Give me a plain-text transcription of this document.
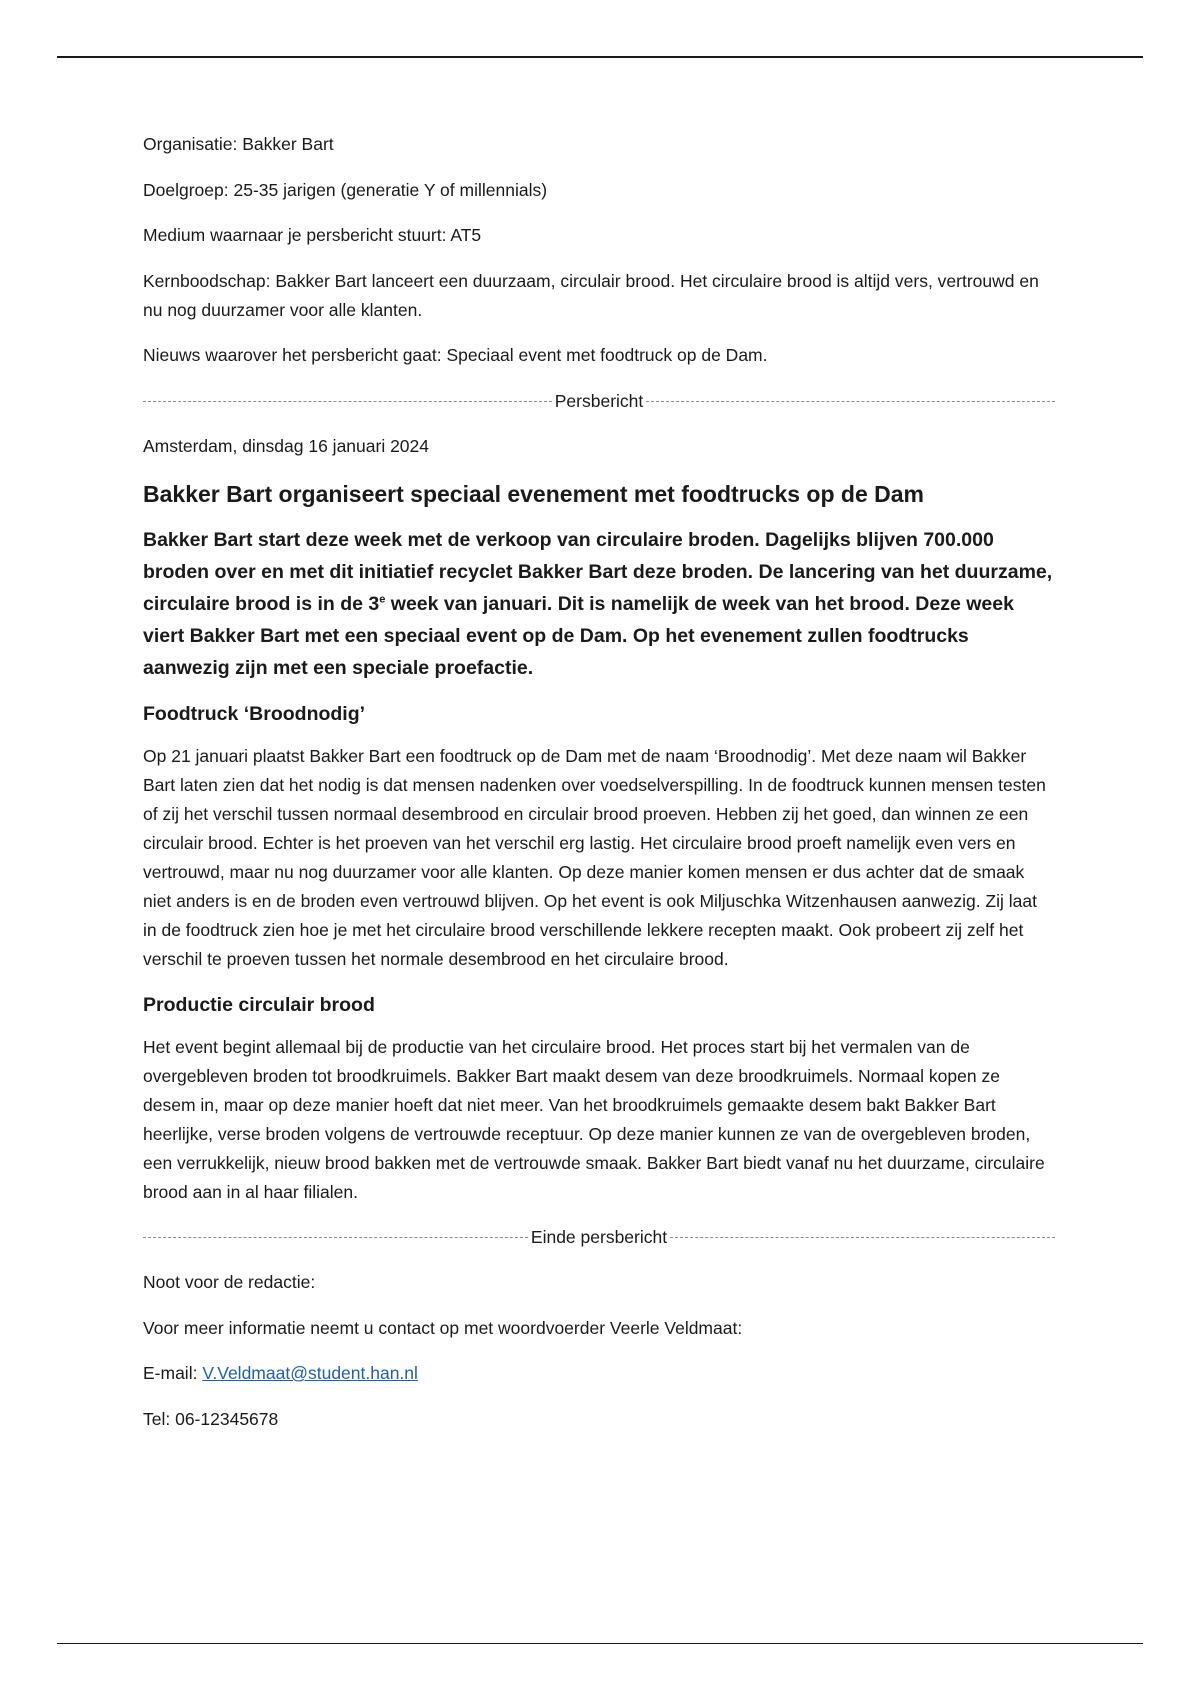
Organisatie: Bakker Bart

Doelgroep: 25-35 jarigen (generatie Y of millennials)

Medium waarnaar je persbericht stuurt: AT5

Kernboodschap: Bakker Bart lanceert een duurzaam, circulair brood. Het circulaire brood is altijd vers, vertrouwd en nu nog duurzamer voor alle klanten.

Nieuws waarover het persbericht gaat: Speciaal event met foodtruck op de Dam.

Persbericht

Amsterdam, dinsdag 16 januari 2024

Bakker Bart organiseert speciaal evenement met foodtrucks op de Dam

Bakker Bart start deze week met de verkoop van circulaire broden. Dagelijks blijven 700.000 broden over en met dit initiatief recyclet Bakker Bart deze broden. De lancering van het duurzame, circulaire brood is in de 3e week van januari. Dit is namelijk de week van het brood. Deze week viert Bakker Bart met een speciaal event op de Dam. Op het evenement zullen foodtrucks aanwezig zijn met een speciale proefactie.

Foodtruck ‘Broodnodig’

Op 21 januari plaatst Bakker Bart een foodtruck op de Dam met de naam ‘Broodnodig’. Met deze naam wil Bakker Bart laten zien dat het nodig is dat mensen nadenken over voedselverspilling. In de foodtruck kunnen mensen testen of zij het verschil tussen normaal desembrood en circulair brood proeven. Hebben zij het goed, dan winnen ze een circulair brood. Echter is het proeven van het verschil erg lastig. Het circulaire brood proeft namelijk even vers en vertrouwd, maar nu nog duurzamer voor alle klanten. Op deze manier komen mensen er dus achter dat de smaak niet anders is en de broden even vertrouwd blijven. Op het event is ook Miljuschka Witzenhausen aanwezig. Zij laat in de foodtruck zien hoe je met het circulaire brood verschillende lekkere recepten maakt. Ook probeert zij zelf het verschil te proeven tussen het normale desembrood en het circulaire brood.

Productie circulair brood

Het event begint allemaal bij de productie van het circulaire brood. Het proces start bij het vermalen van de overgebleven broden tot broodkruimels. Bakker Bart maakt desem van deze broodkruimels. Normaal kopen ze desem in, maar op deze manier hoeft dat niet meer. Van het broodkruimels gemaakte desem bakt Bakker Bart heerlijke, verse broden volgens de vertrouwde receptuur. Op deze manier kunnen ze van de overgebleven broden, een verrukkelijk, nieuw brood bakken met de vertrouwde smaak. Bakker Bart biedt vanaf nu het duurzame, circulaire brood aan in al haar filialen.

Einde persbericht

Noot voor de redactie:

Voor meer informatie neemt u contact op met woordvoerder Veerle Veldmaat:

E-mail: V.Veldmaat@student.han.nl

Tel: 06-12345678
